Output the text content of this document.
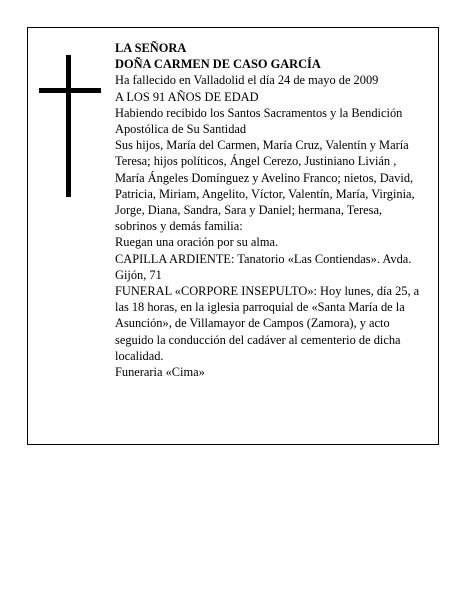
LA SEÑORA

DOÑA CARMEN DE CASO GARCÍA

Ha fallecido en Valladolid el día 24 de mayo de 2009

A LOS 91 AÑOS DE EDAD

Habiendo recibido los Santos Sacramentos y la Bendición Apostólica de Su Santidad

Sus hijos, María del Carmen, María Cruz, Valentín y María Teresa; hijos políticos, Ángel Cerezo, Justiniano Livián , María Ángeles Domínguez y Avelino Franco; nietos, David, Patricia, Miriam, Angelito, Víctor, Valentín, María, Virginia, Jorge, Diana, Sandra, Sara y Daniel; hermana, Teresa, sobrinos y demás familia:

Ruegan una oración por su alma.

CAPILLA ARDIENTE: Tanatorio «Las Contiendas». Avda. Gijón, 71

FUNERAL «CORPORE INSEPULTO»: Hoy lunes, día 25, a las 18 horas, en la iglesia parroquial de «Santa María de la Asunción», de Villamayor de Campos (Zamora), y acto seguido la conducción del cadáver al cementerio de dicha localidad.

Funeraria «Cima»
